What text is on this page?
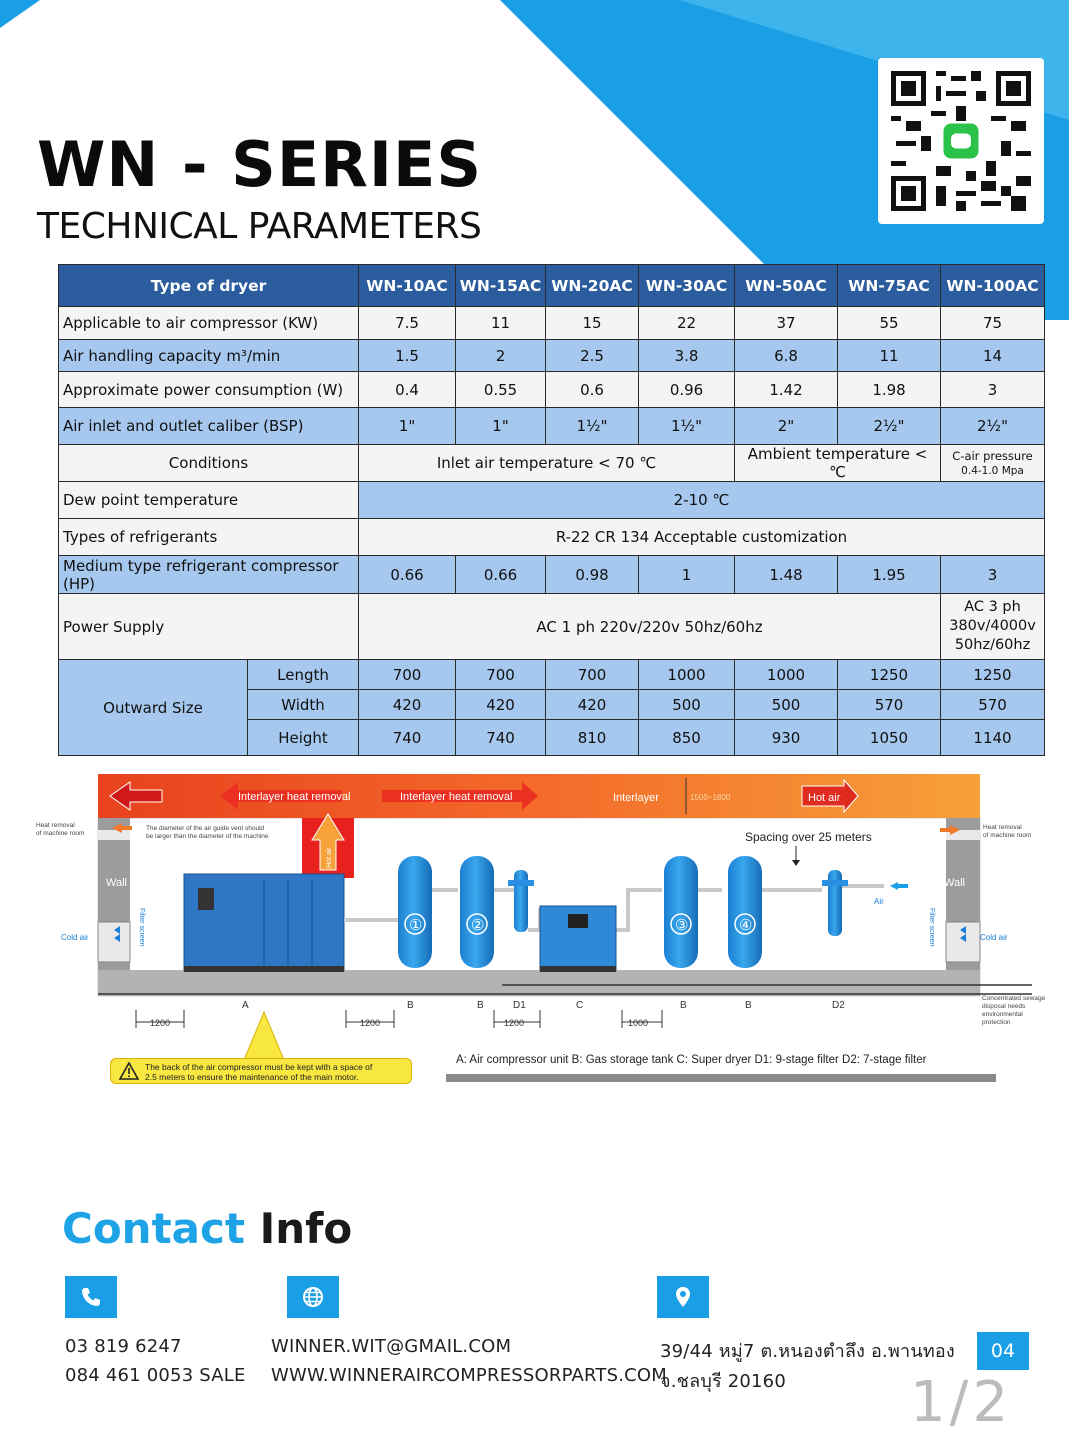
WN - SERIES
TECHNICAL PARAMETERS
Type of dryer		WN-10AC	WN-15AC	WN-20AC	WN-30AC	WN-50AC	WN-75AC	WN-100AC
Applicable to air compressor (KW)		7.5	11	15	22	37	55	75
Air handling capacity m³/min		1.5	2	2.5	3.8	6.8	11	14
Approximate power consumption (W)		0.4	0.55	0.6	0.96	1.42	1.98	3
Air inlet and outlet caliber (BSP)		1"	1"	1½"	1½"	2"	2½"	2½"
Conditions		Inlet air temperature < 70 ℃				Ambient temperature < ℃		C-air pressure
0.4-1.0 Mpa
Dew point temperature		2-10 ℃						
Types of refrigerants		R-22 CR 134 Acceptable customization						
Medium type refrigerant compressor (HP)		0.66	0.66	0.98	1	1.48	1.95	3
Power Supply		AC 1 ph 220v/220v 50hz/60hz						AC 3 ph
380v/4000v
50hz/60hz
Outward Size	Length	700	700	700	1000	1000	1250	1250
	Width	420	420	420	500	500	570	570
	Height	740	740	810	850	930	1050	1140
Interlayer heat removal	Interlayer heat removal	Interlayer	1500~1800	Hot air
Heat removal
of machine room
Heat removal
of machine room
The diameter of the air guide vent should
be larger than the diameter of the machine
Hot air
Wall	Wall
Cold air	Cold air
Filter screen	Filter screen
①	②	③	④
Air
Spacing over 25 meters
Concentrated sewage
disposal needs
environmental
protection
A	B	B	D1	C	B	B	D2
1200	1200	1200	1000
The back of the air compressor must be kept with a space of
2.5 meters to ensure the maintenance of the main motor.
A: Air compressor unit B: Gas storage tank C: Super dryer D1: 9-stage filter D2: 7-stage filter
Contact Info
03 819 6247
084 461 0053 SALE
WINNER.WIT@GMAIL.COM
WWW.WINNERAIRCOMPRESSORPARTS.COM
39/44 หมู่7 ต.หนองตำลึง อ.พานทอง
จ.ชลบุรี 20160
04
1/2
